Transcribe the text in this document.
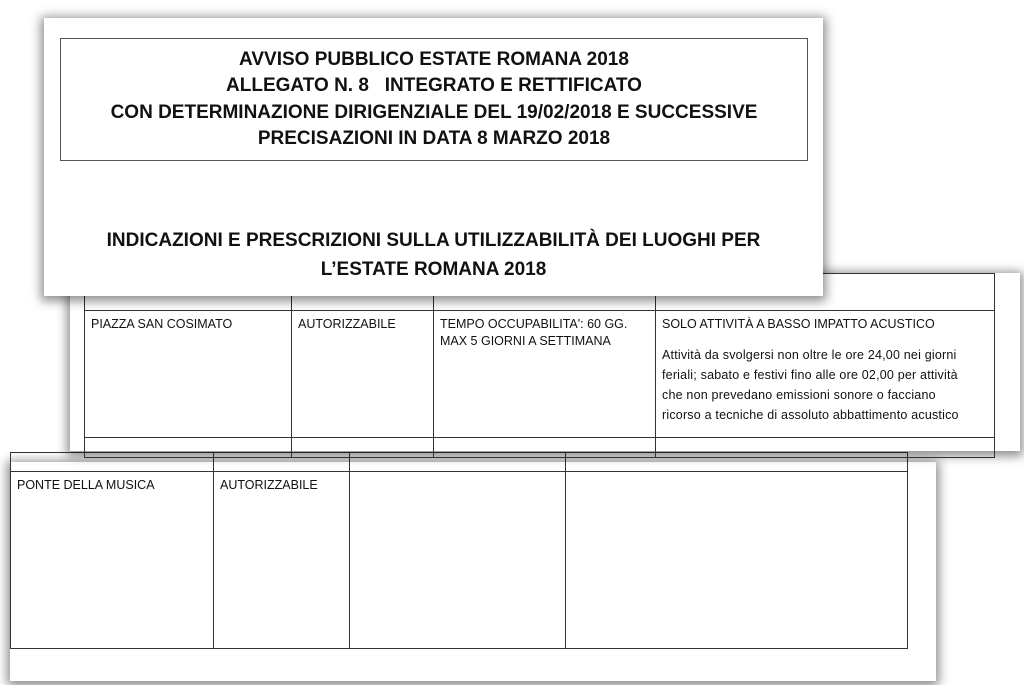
PONTE DELLA MUSICA	AUTORIZZABILE		

PIAZZA SAN COSIMATO	AUTORIZZABILE	TEMPO OCCUPABILITA': 60 GG.
MAX 5 GIORNI A SETTIMANA	SOLO ATTIVITÀ A BASSO IMPATTO ACUSTICO
Attività da svolgersi non oltre le ore 24,00 nei giorni
feriali; sabato e festivi fino alle ore 02,00 per attività
che non prevedano emissioni sonore o facciano
ricorso a tecniche di assoluto abbattimento acustico

AVVISO PUBBLICO ESTATE ROMANA 2018
ALLEGATO N. 8   INTEGRATO E RETTIFICATO
CON DETERMINAZIONE DIRIGENZIALE DEL 19/02/2018 E SUCCESSIVE
PRECISAZIONI IN DATA 8 MARZO 2018
INDICAZIONI E PRESCRIZIONI SULLA UTILIZZABILITÀ DEI LUOGHI PER
L’ESTATE ROMANA 2018
